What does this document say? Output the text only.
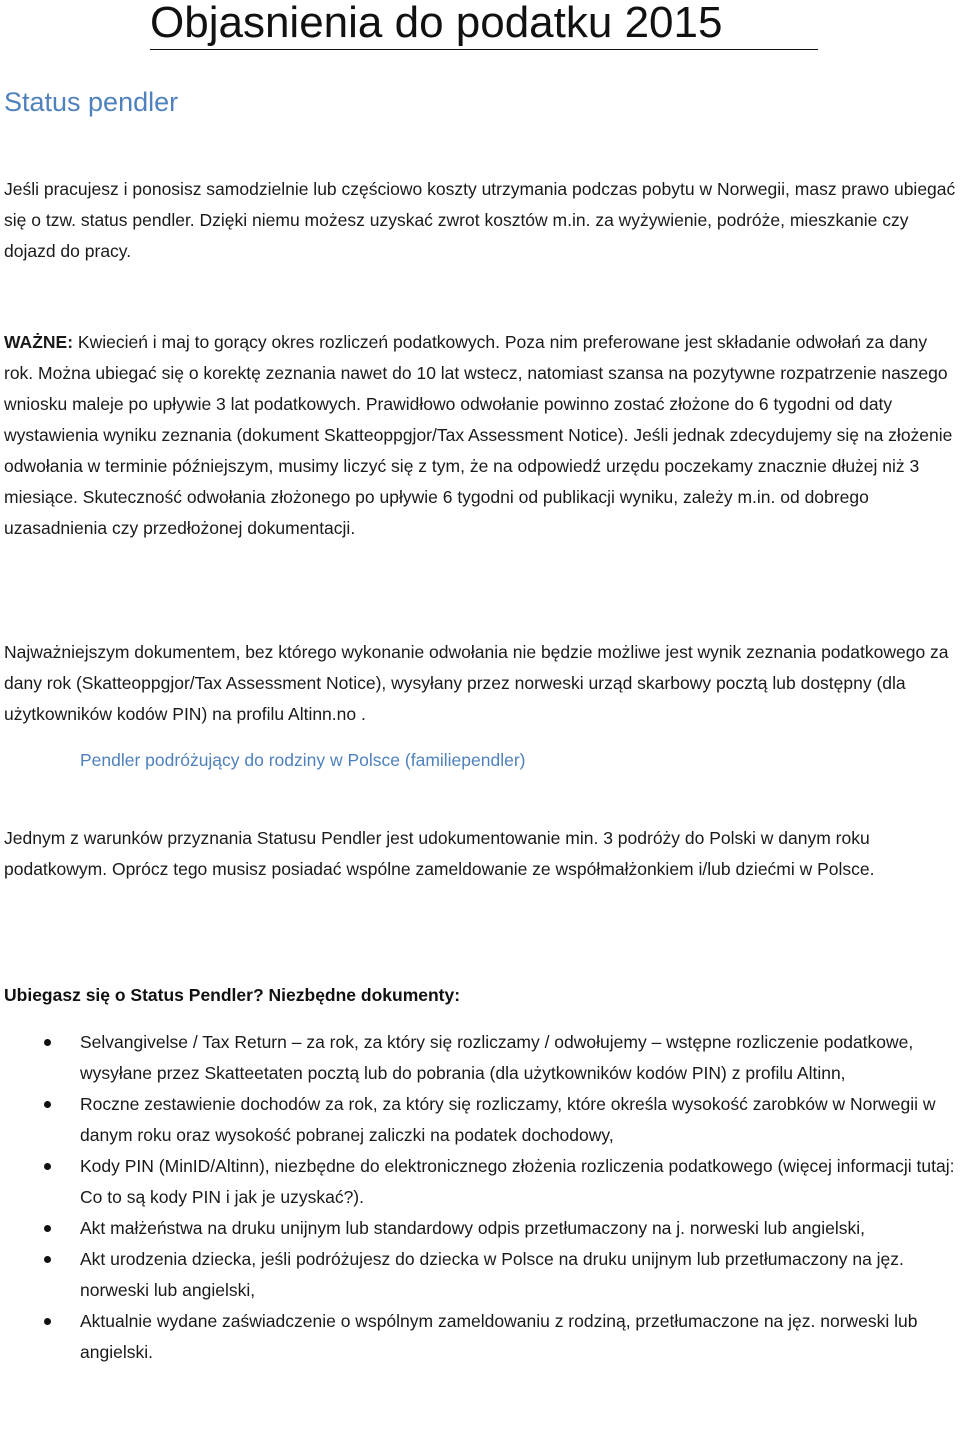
Objasnienia do podatku 2015
Status pendler

Jeśli pracujesz i ponosisz samodzielnie lub częściowo koszty utrzymania podczas pobytu w Norwegii, masz prawo ubiegać się o tzw. status pendler. Dzięki niemu możesz uzyskać zwrot kosztów m.in. za wyżywienie, podróże, mieszkanie czy dojazd do pracy.

WAŻNE: Kwiecień i maj to gorący okres rozliczeń podatkowych. Poza nim preferowane jest składanie odwołań za dany rok. Można ubiegać się o korektę zeznania nawet do 10 lat wstecz, natomiast szansa na pozytywne rozpatrzenie naszego wniosku maleje po upływie 3 lat podatkowych. Prawidłowo odwołanie powinno zostać złożone do 6 tygodni od daty wystawienia wyniku zeznania (dokument Skatteoppgjor/Tax Assessment Notice). Jeśli jednak zdecydujemy się na złożenie odwołania w terminie późniejszym, musimy liczyć się z tym, że na odpowiedź urzędu poczekamy znacznie dłużej niż 3 miesiące. Skuteczność odwołania złożonego po upływie 6 tygodni od publikacji wyniku, zależy m.in. od dobrego uzasadnienia czy przedłożonej dokumentacji.

Najważniejszym dokumentem, bez którego wykonanie odwołania nie będzie możliwe jest wynik zeznania podatkowego za dany rok (Skatteoppgjor/Tax Assessment Notice), wysyłany przez norweski urząd skarbowy pocztą lub dostępny (dla użytkowników kodów PIN) na profilu Altinn.no .

Pendler podróżujący do rodziny w Polsce (familiependler)

Jednym z warunków przyznania Statusu Pendler jest udokumentowanie min. 3 podróży do Polski w danym roku podatkowym. Oprócz tego musisz posiadać wspólne zameldowanie ze współmałżonkiem i/lub dziećmi w Polsce.

Ubiegasz się o Status Pendler? Niezbędne dokumenty:
Selvangivelse / Tax Return – za rok, za który się rozliczamy / odwołujemy – wstępne rozliczenie podatkowe, wysyłane przez Skatteetaten pocztą lub do pobrania (dla użytkowników kodów PIN) z profilu Altinn,
Roczne zestawienie dochodów za rok, za który się rozliczamy, które określa wysokość zarobków w Norwegii w danym roku oraz wysokość pobranej zaliczki na podatek dochodowy,
Kody PIN (MinID/Altinn), niezbędne do elektronicznego złożenia rozliczenia podatkowego (więcej informacji tutaj: Co to są kody PIN i jak je uzyskać?).
Akt małżeństwa na druku unijnym lub standardowy odpis przetłumaczony na j. norweski lub angielski,
Akt urodzenia dziecka, jeśli podróżujesz do dziecka w Polsce na druku unijnym lub przetłumaczony na jęz. norweski lub angielski,
Aktualnie wydane zaświadczenie o wspólnym zameldowaniu z rodziną, przetłumaczone na jęz. norweski lub angielski.
